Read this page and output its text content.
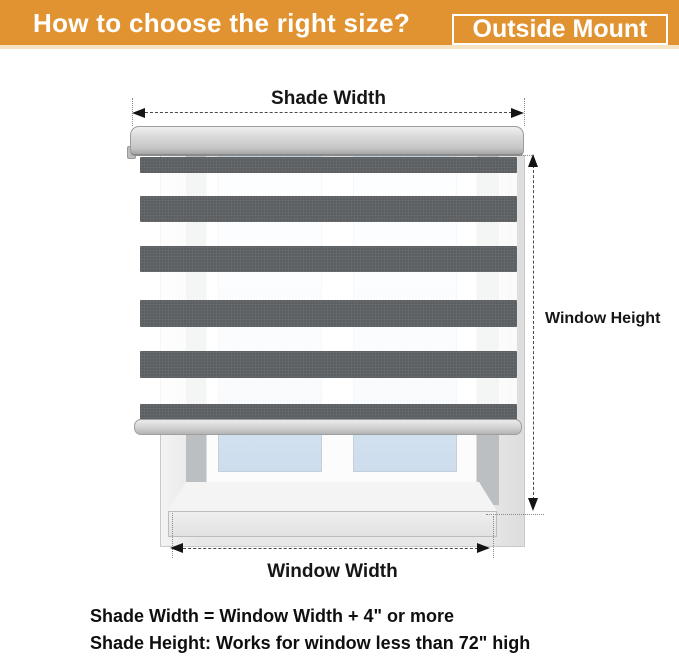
How to choose the right size?	Outside Mount
Shade Width
Window Height
Window Width
Shade Width = Window Width + 4" or more
Shade Height: Works for window less than 72" high
